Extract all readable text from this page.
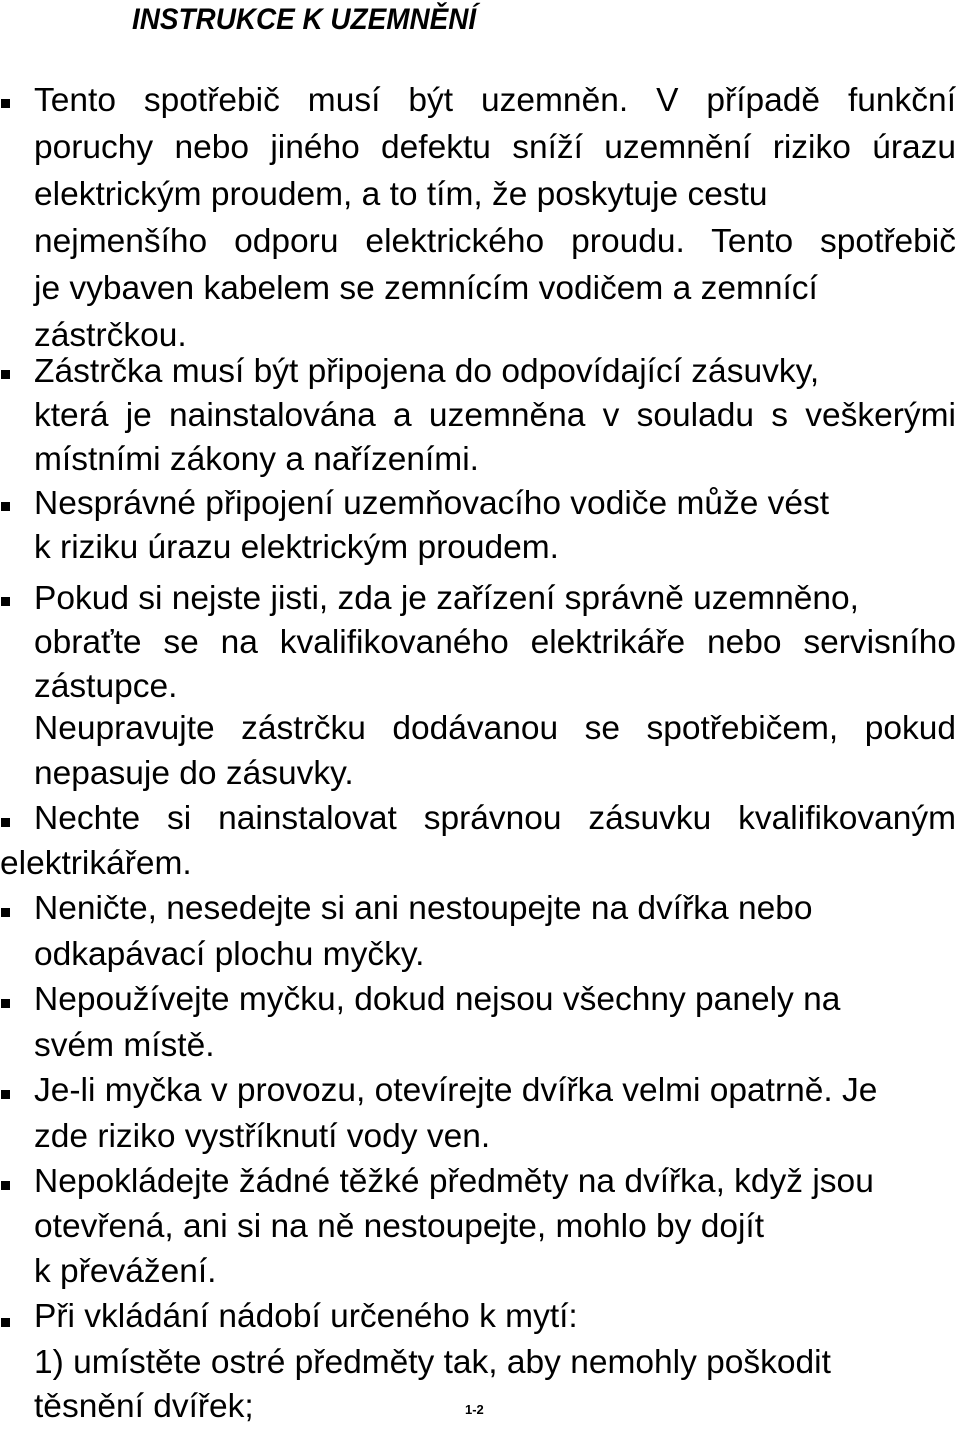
INSTRUKCE K UZEMNĚNÍ
Tento spotřebič musí být uzemněn. V případě funkční
poruchy nebo jiného defektu sníží uzemnění riziko úrazu
elektrickým proudem, a to tím, že poskytuje cestu
nejmenšího odporu elektrického proudu. Tento spotřebič
je vybaven kabelem se zemnícím vodičem a zemnící
zástrčkou.
Zástrčka musí být připojena do odpovídající zásuvky,
která je nainstalována a uzemněna v souladu s veškerými
místními zákony a nařízeními.
Nesprávné připojení uzemňovacího vodiče může vést
k riziku úrazu elektrickým proudem.
Pokud si nejste jisti, zda je zařízení správně uzemněno,
obraťte se na kvalifikovaného elektrikáře nebo servisního
zástupce.
Neupravujte zástrčku dodávanou se spotřebičem, pokud
nepasuje do zásuvky.
Nechte si nainstalovat správnou zásuvku kvalifikovaným
elektrikářem.
Neničte, nesedejte si ani nestoupejte na dvířka nebo
odkapávací plochu myčky.
Nepoužívejte myčku, dokud nejsou všechny panely na
svém místě.
Je-li myčka v provozu, otevírejte dvířka velmi opatrně. Je
zde riziko vystříknutí vody ven.
Nepokládejte žádné těžké předměty na dvířka, když jsou
otevřená, ani si na ně nestoupejte, mohlo by dojít
k převážení.
Při vkládání nádobí určeného k mytí:
1) umístěte ostré předměty tak, aby nemohly poškodit
těsnění dvířek;	1-2
